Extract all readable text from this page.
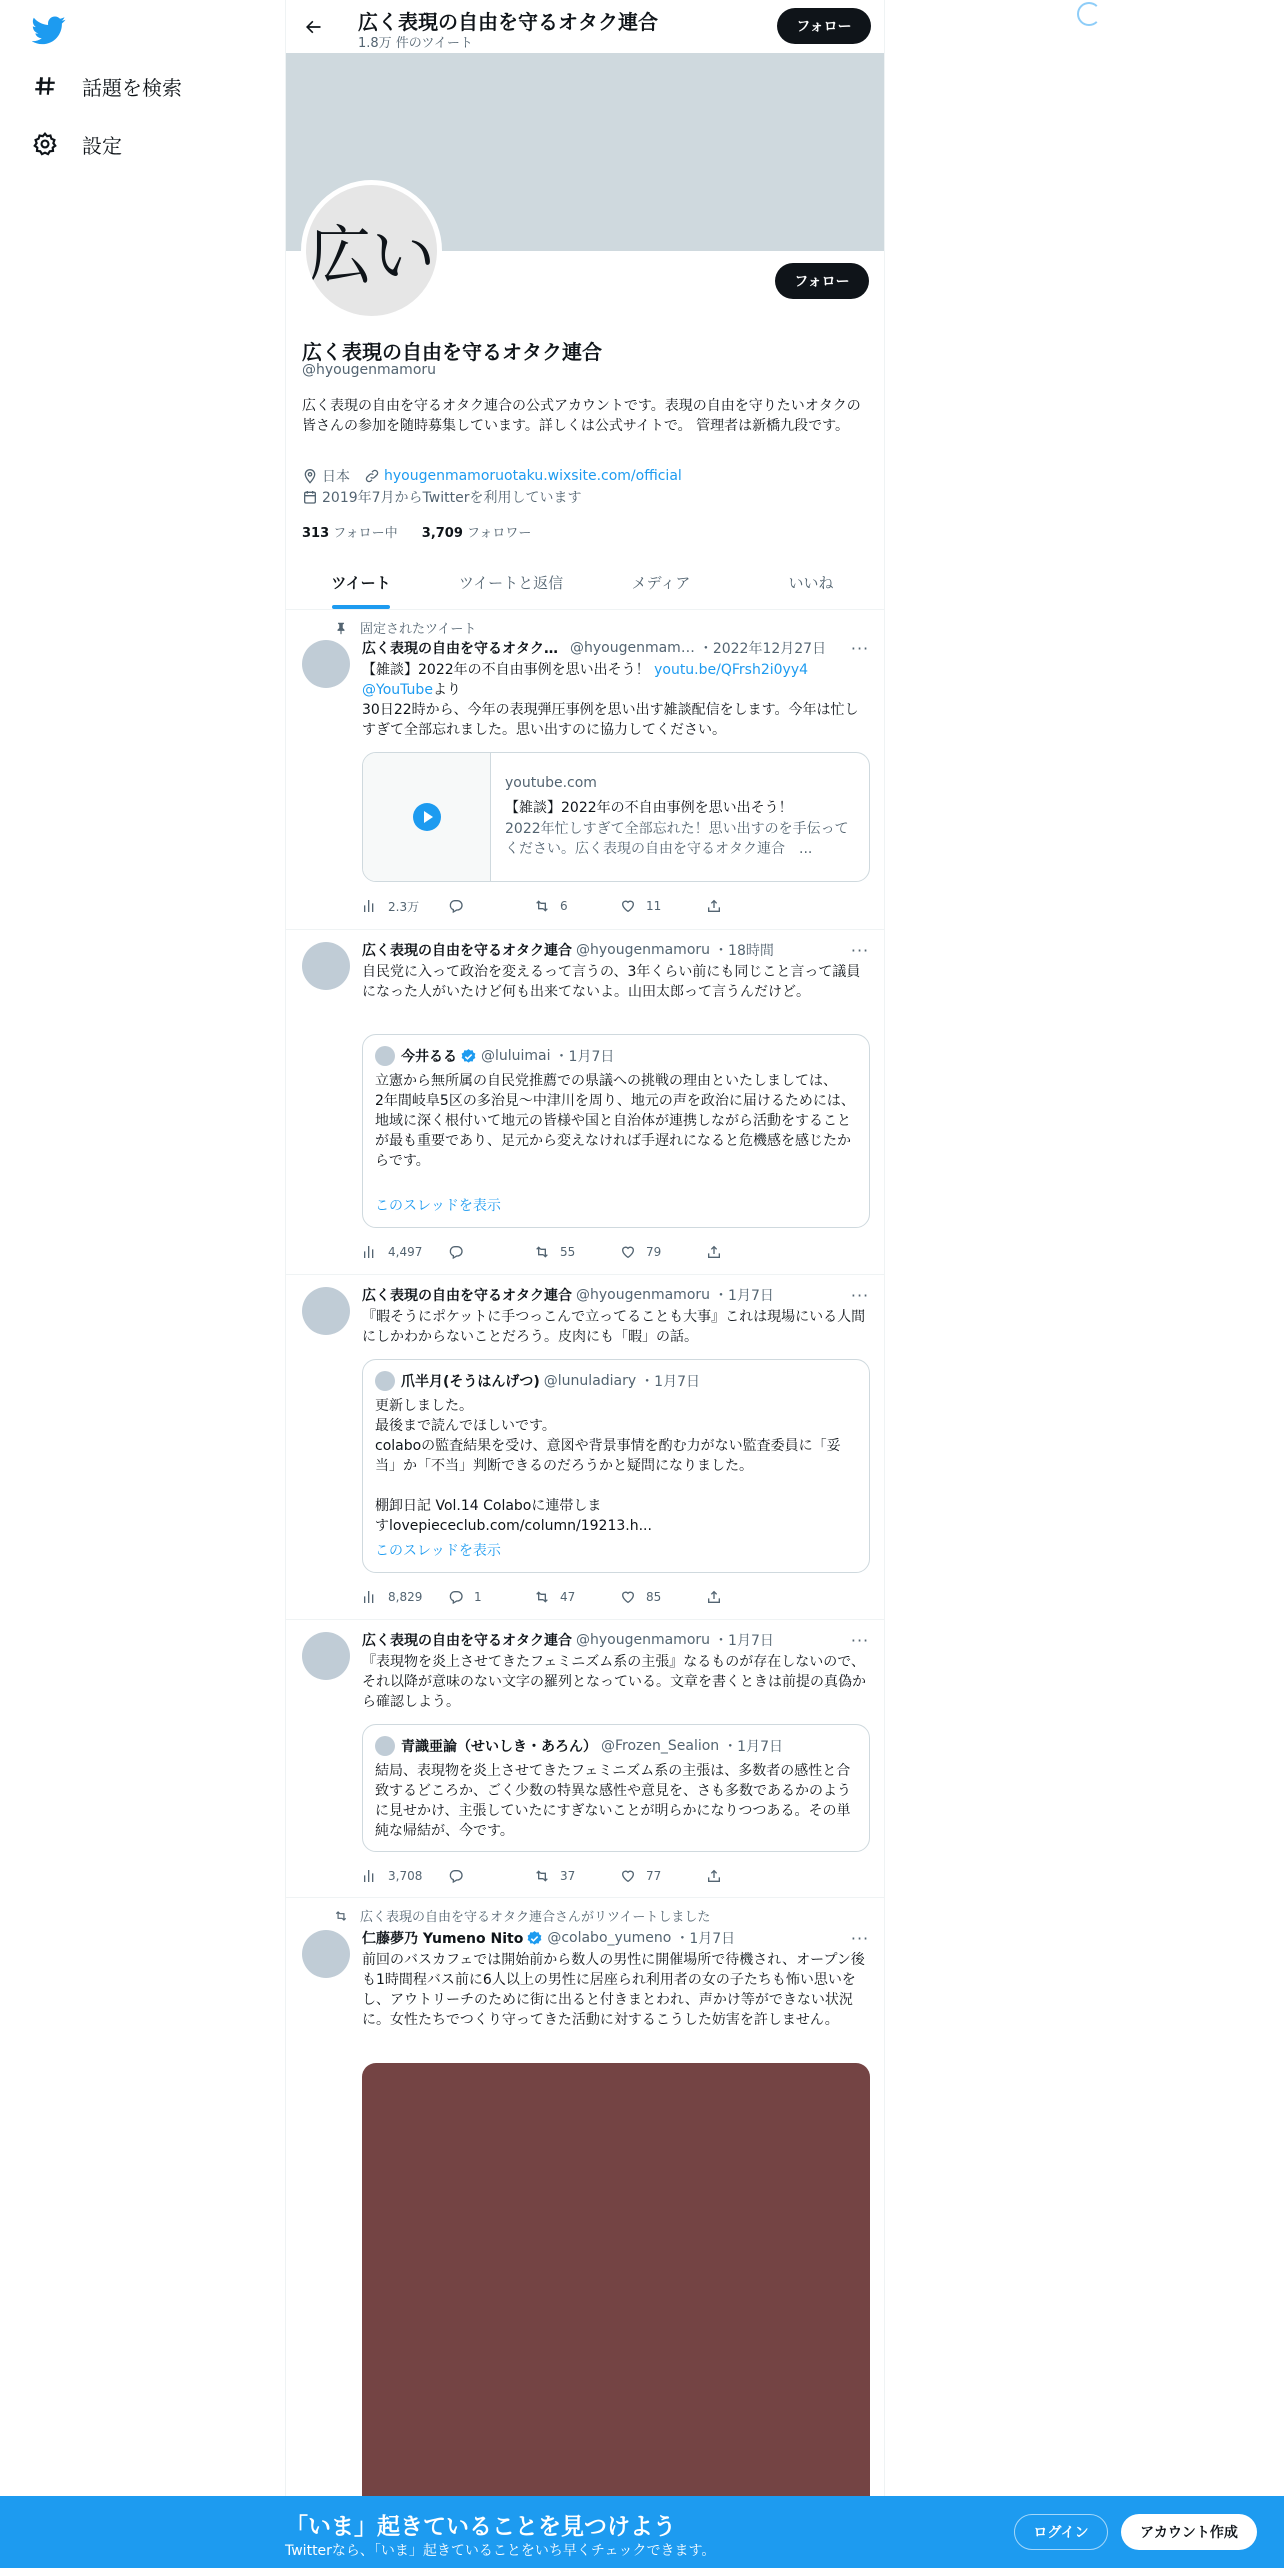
話題を検索
設定
広く表現の自由を守るオタク連合
1.8万 件のツイート
フォロー
広い	フォロー
広く表現の自由を守るオタク連合
@hyougenmamoru
広く表現の自由を守るオタク連合の公式アカウントです。表現の自由を守りたいオタクの皆さんの参加を随時募集しています。詳しくは公式サイトで。 管理者は新橋九段です。
日本 hyougenmamoruotaku.wixsite.com/official
2019年7月からTwitterを利用しています
313 フォロー中 3,709 フォロワー
ツイート	ツイートと返信	メディア	いいね
固定されたツイート
広く表現の自由を守るオタク… @hyougenmam… ・2022年12月27日 ···
【雑談】2022年の不自由事例を思い出そう！ youtu.be/QFrsh2i0yy4
@YouTubeより
30日22時から、今年の表現弾圧事例を思い出す雑談配信をします。今年は忙しすぎて全部忘れました。思い出すのに協力してください。
youtube.com
【雑談】2022年の不自由事例を思い出そう！
2022年忙しすぎて全部忘れた！思い出すのを手伝ってください。広く表現の自由を守るオタク連合　...
2.3万	6	11
広く表現の自由を守るオタク連合 @hyougenmamoru ・18時間	···
自民党に入って政治を変えるって言うの、3年くらい前にも同じこと言って議員になった人がいたけど何も出来てないよ。山田太郎って言うんだけど。
今井るる @luluimai ・1月7日
立憲から無所属の自民党推薦での県議への挑戦の理由といたしましては、
2年間岐阜5区の多治見〜中津川を周り、地元の声を政治に届けるためには、地域に深く根付いて地元の皆様や国と自治体が連携しながら活動をすることが最も重要であり、足元から変えなければ手遅れになると危機感を感じたからです。
このスレッドを表示
4,497	55	79
広く表現の自由を守るオタク連合 @hyougenmamoru ・1月7日	···
『暇そうにポケットに手つっこんで立ってることも大事』これは現場にいる人間にしかわからないことだろう。皮肉にも「暇」の話。
爪半月(そうはんげつ) @lunuladiary ・1月7日
更新しました。
最後まで読んでほしいです。
colaboの監査結果を受け、意図や背景事情を酌む力がない監査委員に「妥当」か「不当」判断できるのだろうかと疑問になりました。

棚卸日記 Vol.14 Colaboに連帯しま
すlovepiececlub.com/column/19213.h...
このスレッドを表示
8,829	1	47	85
広く表現の自由を守るオタク連合 @hyougenmamoru ・1月7日	···
『表現物を炎上させてきたフェミニズム系の主張』なるものが存在しないので、それ以降が意味のない文字の羅列となっている。文章を書くときは前提の真偽から確認しよう。
青識亜論（せいしき・あろん） @Frozen_Sealion ・1月7日
結局、表現物を炎上させてきたフェミニズム系の主張は、多数者の感性と合致するどころか、ごく少数の特異な感性や意見を、さも多数であるかのように見せかけ、主張していたにすぎないことが明らかになりつつある。その単純な帰結が、今です。
3,708	37	77
広く表現の自由を守るオタク連合さんがリツイートしました
仁藤夢乃 Yumeno Nito @colabo_yumeno ・1月7日	···
前回のバスカフェでは開始前から数人の男性に開催場所で待機され、オープン後も1時間程バス前に6人以上の男性に居座られ利用者の女の子たちも怖い思いをし、アウトリーチのために街に出ると付きまとわれ、声かけ等ができない状況に。女性たちでつくり守ってきた活動に対するこうした妨害を許しません。
「いま」起きていることを見つけよう
Twitterなら、「いま」起きていることをいち早くチェックできます。
ログイン	アカウント作成
